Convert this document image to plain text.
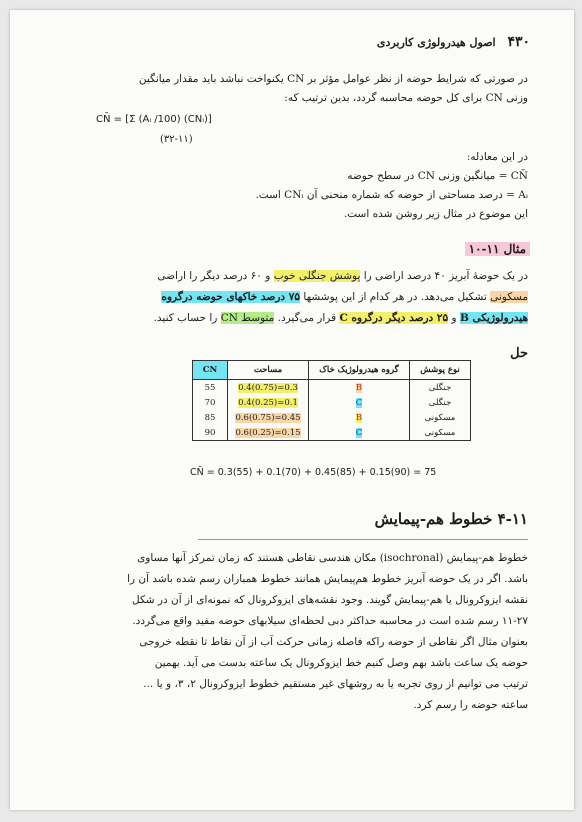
۴۳۰ اصول هیدرولوژی کاربردی
در صورتی که شرایط حوضه از نظر عوامل مؤثر بر CN یکنواخت نباشد باید مقدار میانگین
وزنی CN برای کل حوضه محاسبه گردد، بدین ترتیب که:
CN̄ = [Σ (Aᵢ /100) (CNᵢ)]
(۳۲-۱۱)
در این معادله:
CN̄ = میانگین وزنی CN در سطح حوضه
Aᵢ = درصد مساحتی از حوضه که شماره منحنی آن CNᵢ است.
این موضوع در مثال زیر روشن شده است.
مثال ۱۱-۱۰
در یک حوضهٔ آبریز ۴۰ درصد اراضی را پوشش جنگلی خوب و ۶۰ درصد دیگر را اراضی
مسکونی تشکیل می‌دهد. در هر کدام از این پوششها ۷۵ درصد خاکهای حوضه درگروه
هیدرولوژیکی B و ۲۵ درصد دیگر درگروه C قرار می‌گیرد. متوسط CN را حساب کنید.
حل
CN	مساحت	گروه هیدرولوژیک خاک	نوع پوشش
55	0.4(0.75)=0.3	B	جنگلی
70	0.4(0.25)=0.1	C	جنگلی
85	0.6(0.75)=0.45	B	مسکونی
90	0.6(0.25)=0.15	C	مسکونی
CN̄ = 0.3(55) + 0.1(70) + 0.45(85) + 0.15(90) = 75
۴-۱۱ خطوط هم-پیمایش
خطوط هم-پیمایش (isochronal) مکان هندسی نقاطی هستند که زمان تمرکز آنها مساوی
باشد. اگر در یک حوضه آبریز خطوط هم‌پیمایش همانند خطوط همباران رسم شده باشد آن را
نقشه ایزوکرونال یا هم-پیمایش گویند. وجود نقشه‌های ایزوکرونال که نمونه‌ای از آن در شکل
۱۱-۲۷ رسم شده است در محاسبه حداکثر دبی لحظه‌ای سیلابهای حوضه مفید واقع می‌گردد.
بعنوان مثال اگر نقاطی از حوضه راکه فاصله زمانی حرکت آب از آن نقاط تا نقطه خروجی
حوضه یک ساعت باشد بهم وصل کنیم خط ایزوکرونال یک ساعته بدست می آید. بهمین
ترتیب می توانیم از روی تجربه یا به روشهای غیر مستقیم خطوط ایزوکرونال ۲، ۳، و یا ...
ساعته حوضه را رسم کرد.
